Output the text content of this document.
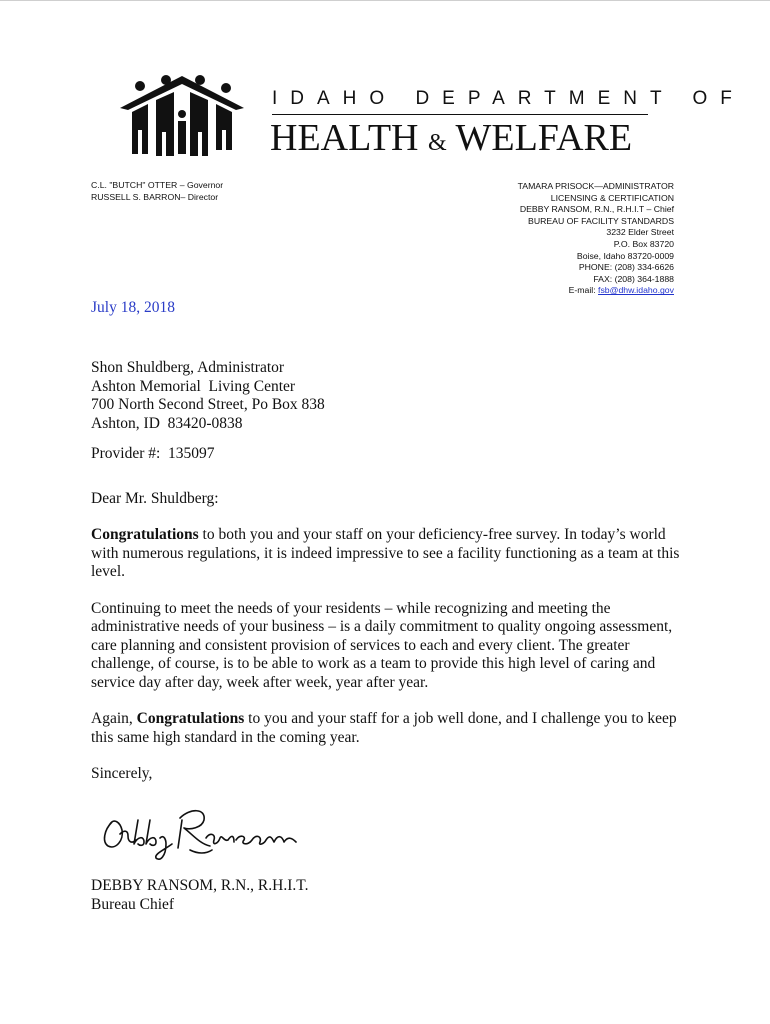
IDAHO DEPARTMENT OF
HEALTH & WELFARE
C.L. "BUTCH" OTTER – Governor
RUSSELL S. BARRON– Director
TAMARA PRISOCK—ADMINISTRATOR
LICENSING & CERTIFICATION
DEBBY RANSOM, R.N., R.H.I.T – Chief
BUREAU OF FACILITY STANDARDS
3232 Elder Street
P.O. Box 83720
Boise, Idaho 83720-0009
PHONE: (208) 334-6626
FAX: (208) 364-1888
E-mail: fsb@dhw.idaho.gov
July 18, 2018

Shon Shuldberg, Administrator
Ashton Memorial  Living Center
700 North Second Street, Po Box 838
Ashton, ID  83420-0838

Provider #:  135097

Dear Mr. Shuldberg:

Congratulations to both you and your staff on your deficiency-free survey. In today’s world with numerous regulations, it is indeed impressive to see a facility functioning as a team at this level.

Continuing to meet the needs of your residents – while recognizing and meeting the administrative needs of your business – is a daily commitment to quality ongoing assessment, care planning and consistent provision of services to each and every client. The greater challenge, of course, is to be able to work as a team to provide this high level of caring and service day after day, week after week, year after year.

Again, Congratulations to you and your staff for a job well done, and I challenge you to keep this same high standard in the coming year.

Sincerely,

DEBBY RANSOM, R.N., R.H.I.T.

Bureau Chief
